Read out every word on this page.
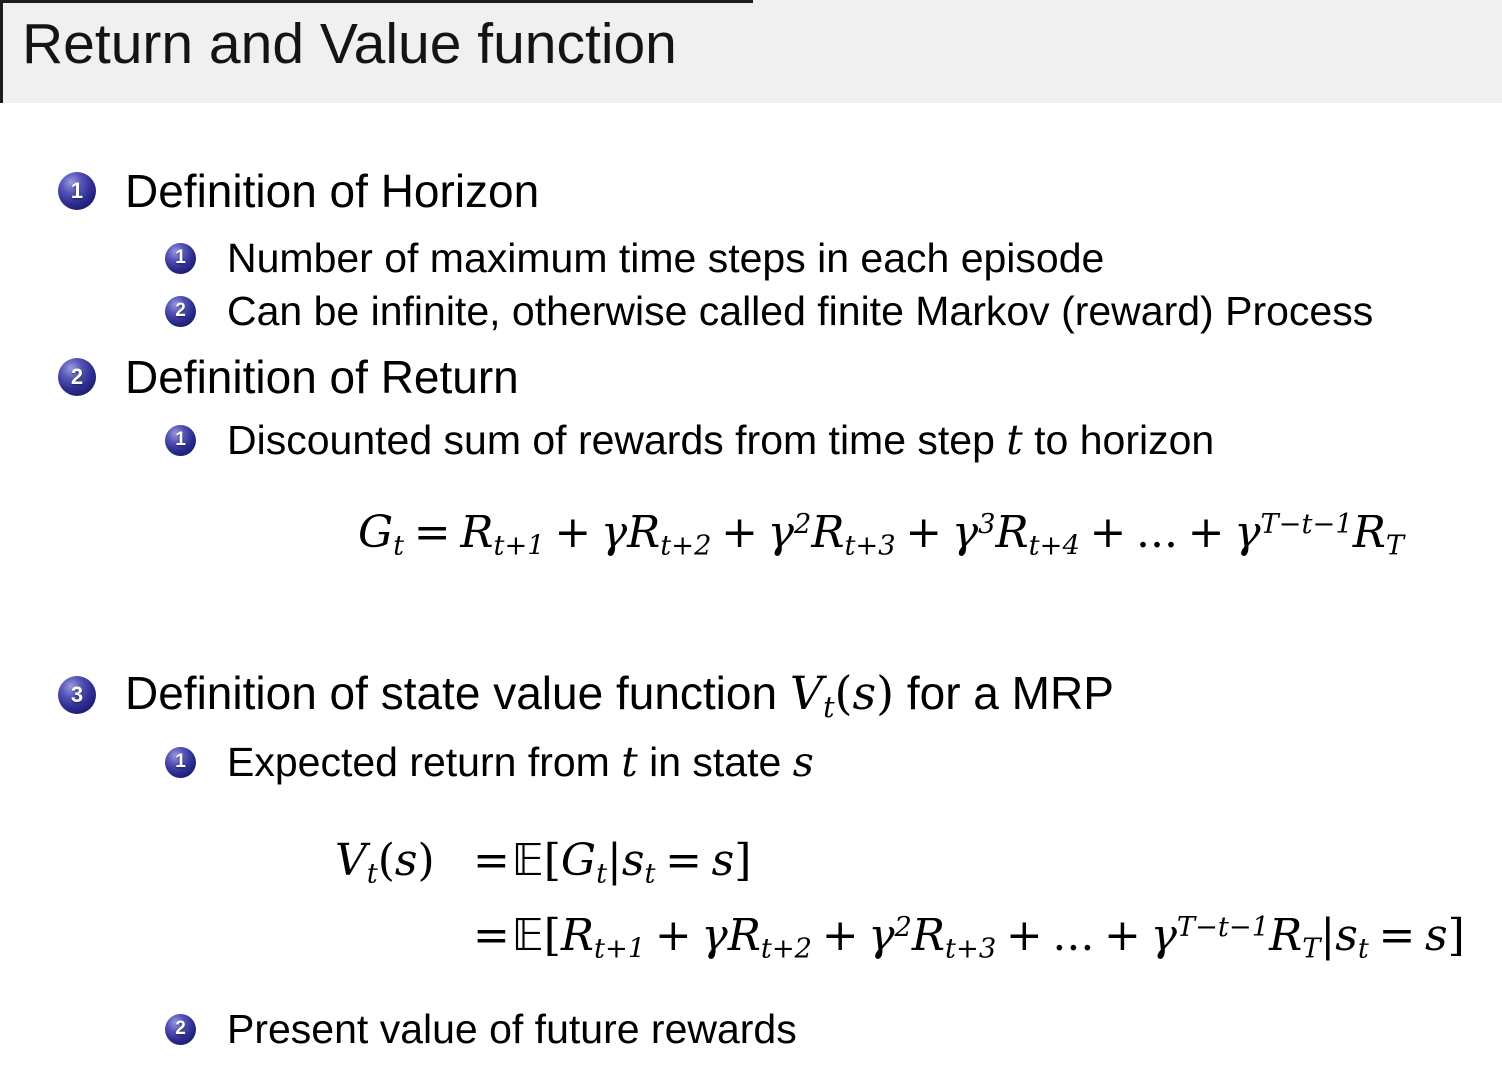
Return and Value function
1 Definition of Horizon
1 Number of maximum time steps in each episode
2 Can be infinite, otherwise called finite Markov (reward) Process
2 Definition of Return
1 Discounted sum of rewards from time step t to horizon
$Gt = Rt+1 + \gamma Rt+2 + \gamma^2Rt+3 + \gamma^3Rt+4$ + ... + $\gamma^{T-t-1}RT$
3 Definition of state value function Vt(s) for a MRP
1 Expected return from t in state s
Vt(s) =𝔼[Gt|st = s]
=𝔼[Rt+1 + $\gamma Rt+2 + \gamma^2Rt+3$ + ... + $\gamma^{T-t-1}RT|st = s$]
2 Present value of future rewards
